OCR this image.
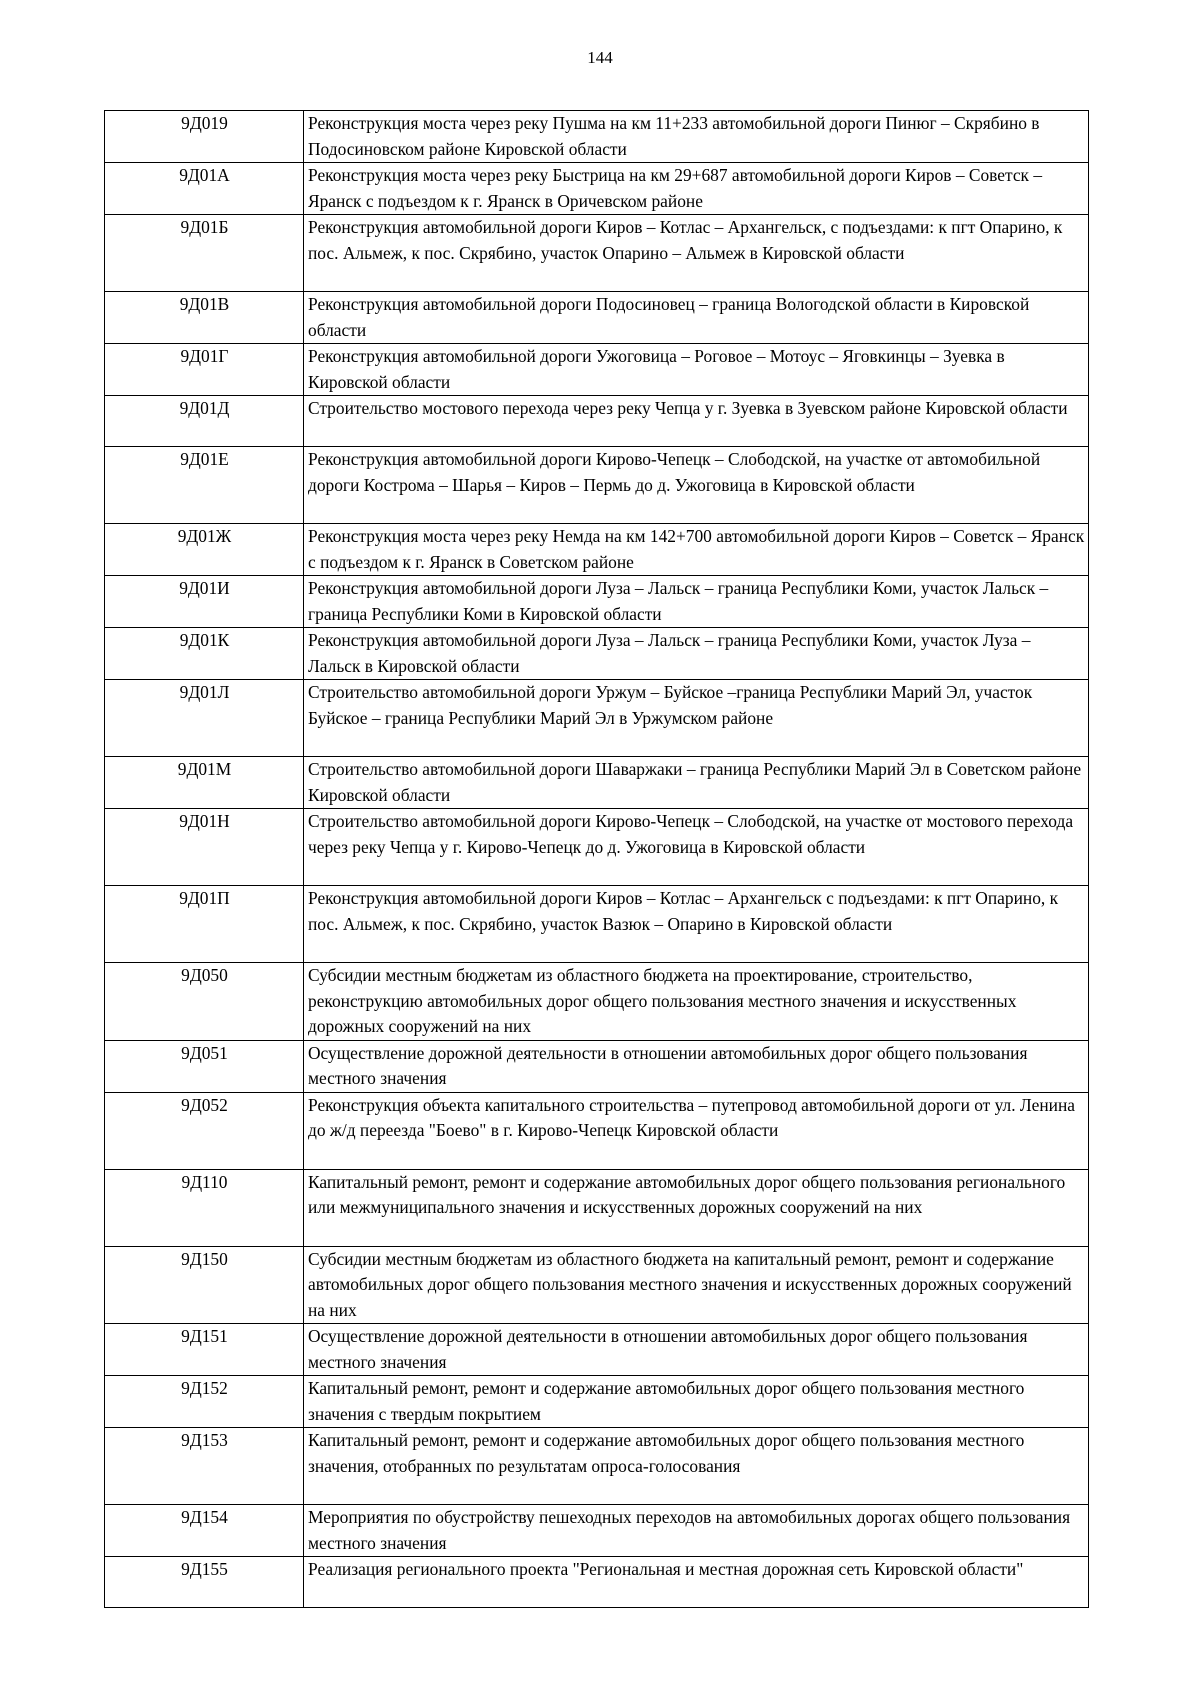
144
9Д019	Реконструкция моста через реку Пушма на км 11+233 автомобильной дороги Пинюг – Скрябино в Подосиновском районе Кировской области
9Д01А	Реконструкция моста через реку Быстрица на км 29+687 автомобильной дороги Киров – Советск – Яранск с подъездом к г. Яранск в Оричевском районе
9Д01Б	Реконструкция автомобильной дороги Киров – Котлас – Архангельск, с подъездами: к пгт Опарино, к пос. Альмеж, к пос. Скрябино, участок Опарино – Альмеж в Кировской области
9Д01В	Реконструкция автомобильной дороги Подосиновец – граница Вологодской области в Кировской области
9Д01Г	Реконструкция автомобильной дороги Ужоговица – Роговое – Мотоус – Яговкинцы – Зуевка в Кировской области
9Д01Д	Строительство мостового перехода через реку Чепца у г. Зуевка в Зуевском районе Кировской области
9Д01Е	Реконструкция автомобильной дороги Кирово-Чепецк – Слободской, на участке от автомобильной дороги Кострома – Шарья – Киров – Пермь до д. Ужоговица в Кировской области
9Д01Ж	Реконструкция моста через реку Немда на км 142+700 автомобильной дороги Киров – Советск – Яранск с подъездом к г. Яранск в Советском районе
9Д01И	Реконструкция автомобильной дороги Луза – Лальск – граница Республики Коми, участок Лальск – граница Республики Коми в Кировской области
9Д01К	Реконструкция автомобильной дороги Луза – Лальск – граница Республики Коми, участок Луза – Лальск в Кировской области
9Д01Л	Строительство автомобильной дороги Уржум – Буйское –граница Республики Марий Эл, участок Буйское – граница Республики Марий Эл в Уржумском районе
9Д01М	Строительство автомобильной дороги Шаваржаки – граница Республики Марий Эл в Советском районе Кировской области
9Д01Н	Строительство автомобильной дороги Кирово-Чепецк – Слободской, на участке от мостового перехода через реку Чепца у г. Кирово-Чепецк до д. Ужоговица в Кировской области
9Д01П	Реконструкция автомобильной дороги Киров – Котлас – Архангельск с подъездами: к пгт Опарино, к пос. Альмеж, к пос. Скрябино, участок Вазюк – Опарино в Кировской области
9Д050	Субсидии местным бюджетам из областного бюджета на проектирование, строительство, реконструкцию автомобильных дорог общего пользования местного значения и искусственных дорожных сооружений на них
9Д051	Осуществление дорожной деятельности в отношении автомобильных дорог общего пользования местного значения
9Д052	Реконструкция объекта капитального строительства – путепровод автомобильной дороги от ул. Ленина до ж/д переезда "Боево" в г. Кирово-Чепецк Кировской области
9Д110	Капитальный ремонт, ремонт и содержание автомобильных дорог общего пользования регионального или межмуниципального значения и искусственных дорожных сооружений на них
9Д150	Субсидии местным бюджетам из областного бюджета на капитальный ремонт, ремонт и содержание автомобильных дорог общего пользования местного значения и искусственных дорожных сооружений на них
9Д151	Осуществление дорожной деятельности в отношении автомобильных дорог общего пользования местного значения
9Д152	Капитальный ремонт, ремонт и содержание автомобильных дорог общего пользования местного значения с твердым покрытием
9Д153	Капитальный ремонт, ремонт и содержание автомобильных дорог общего пользования местного значения, отобранных по результатам опроса-голосования
9Д154	Мероприятия по обустройству пешеходных переходов на автомобильных дорогах общего пользования местного значения
9Д155	Реализация регионального проекта "Региональная и местная дорожная сеть Кировской области"
